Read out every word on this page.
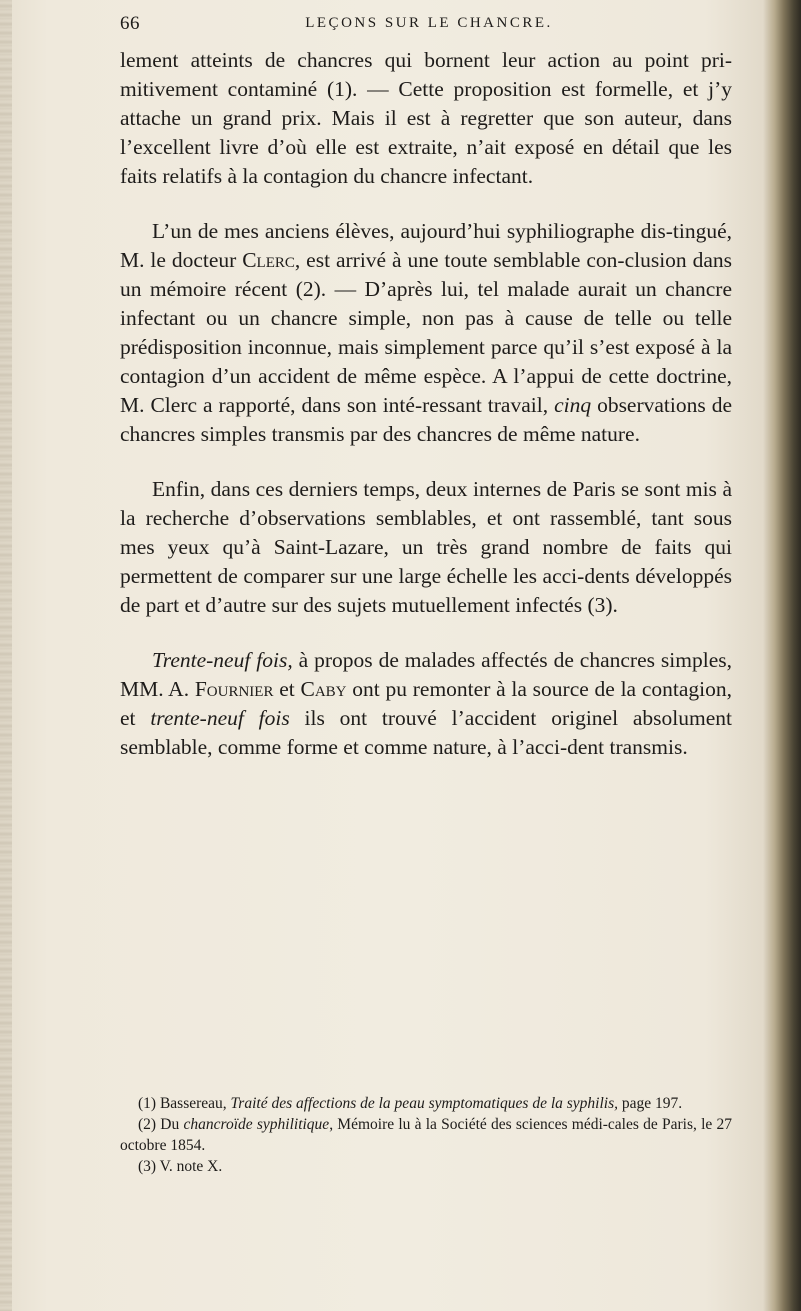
66	LEÇONS SUR LE CHANCRE.

lement atteints de chancres qui bornent leur action au point pri-mitivement contaminé (1). — Cette proposition est formelle, et j’y attache un grand prix. Mais il est à regretter que son auteur, dans l’excellent livre d’où elle est extraite, n’ait exposé en détail que les faits relatifs à la contagion du chancre infectant.

L’un de mes anciens élèves, aujourd’hui syphiliographe dis-tingué, M. le docteur Clerc, est arrivé à une toute semblable con-clusion dans un mémoire récent (2). — D’après lui, tel malade aurait un chancre infectant ou un chancre simple, non pas à cause de telle ou telle prédisposition inconnue, mais simplement parce qu’il s’est exposé à la contagion d’un accident de même espèce. A l’appui de cette doctrine, M. Clerc a rapporté, dans son inté-ressant travail, cinq observations de chancres simples transmis par des chancres de même nature.

Enfin, dans ces derniers temps, deux internes de Paris se sont mis à la recherche d’observations semblables, et ont rassemblé, tant sous mes yeux qu’à Saint-Lazare, un très grand nombre de faits qui permettent de comparer sur une large échelle les acci-dents développés de part et d’autre sur des sujets mutuellement infectés (3).

Trente-neuf fois, à propos de malades affectés de chancres simples, MM. A. Fournier et Caby ont pu remonter à la source de la contagion, et trente-neuf fois ils ont trouvé l’accident originel absolument semblable, comme forme et comme nature, à l’acci-dent transmis.

(1) Bassereau, Traité des affections de la peau symptomatiques de la syphilis, page 197.

(2) Du chancroïde syphilitique, Mémoire lu à la Société des sciences médi-cales de Paris, le 27 octobre 1854.

(3) V. note X.
